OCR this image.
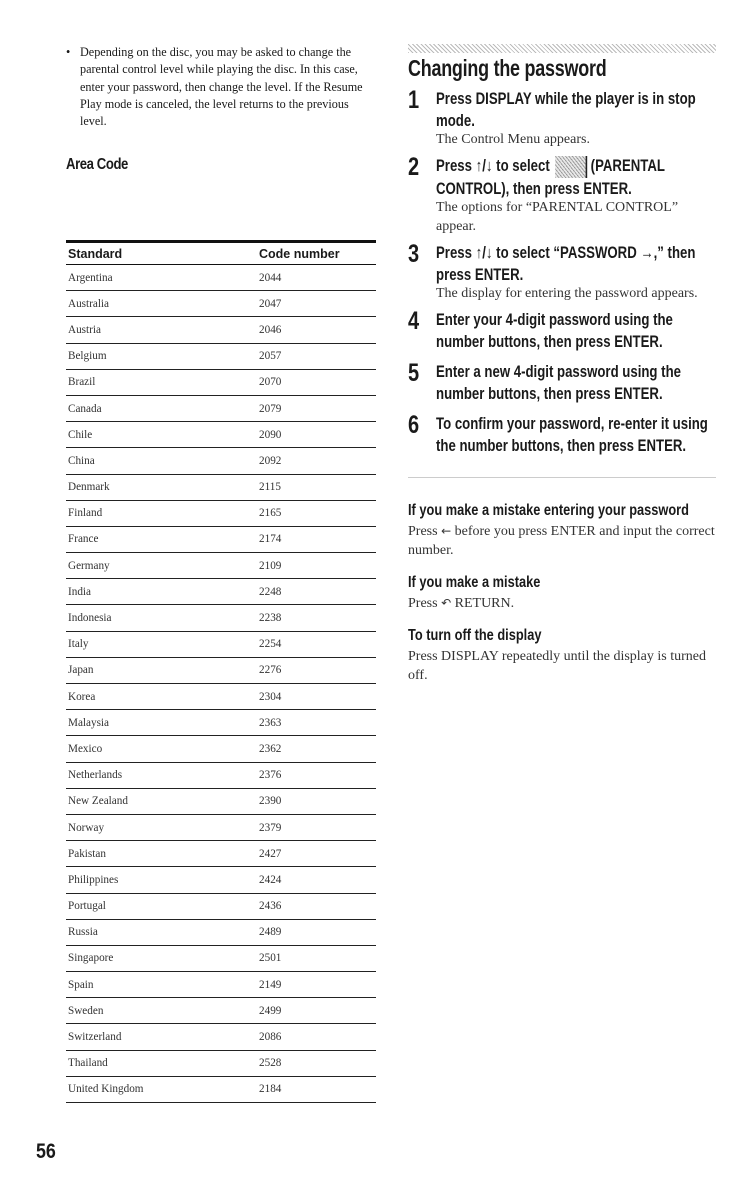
• Depending on the disc, you may be asked to change the parental control level while playing the disc. In this case, enter your password, then change the level. If the Resume Play mode is canceled, the level returns to the previous level.

Area Code
Standard	Code number
Argentina	2044
Australia	2047
Austria	2046
Belgium	2057
Brazil	2070
Canada	2079
Chile	2090
China	2092
Denmark	2115
Finland	2165
France	2174
Germany	2109
India	2248
Indonesia	2238
Italy	2254
Japan	2276
Korea	2304
Malaysia	2363
Mexico	2362
Netherlands	2376
New Zealand	2390
Norway	2379
Pakistan	2427
Philippines	2424
Portugal	2436
Russia	2489
Singapore	2501
Spain	2149
Sweden	2499
Switzerland	2086
Thailand	2528
United Kingdom	2184
Changing the password
1 Press DISPLAY while the player is in stop mode.
The Control Menu appears.
2 Press ↑/↓ to select (PARENTAL CONTROL), then press ENTER.
The options for “PARENTAL CONTROL” appear.
3 Press ↑/↓ to select “PASSWORD →,” then press ENTER.
The display for entering the password appears.
4 Enter your 4-digit password using the number buttons, then press ENTER.
5 Enter a new 4-digit password using the number buttons, then press ENTER.
6 To confirm your password, re-enter it using the number buttons, then press ENTER.
If you make a mistake entering your password

Press ← before you press ENTER and input the correct number.

If you make a mistake

Press ↶ RETURN.

To turn off the display

Press DISPLAY repeatedly until the display is turned off.

56
